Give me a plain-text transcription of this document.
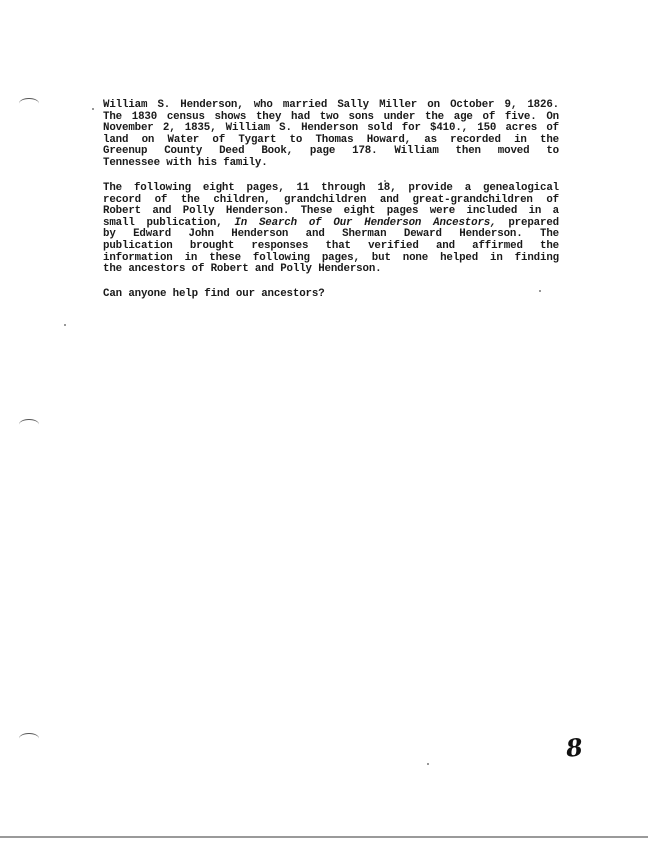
William S. Henderson, who married Sally Miller on October 9, 1826.
The 1830 census shows they had two sons under the age of five. On
November 2, 1835, William S. Henderson sold for $410., 150 acres of
land on Water of Tygart to Thomas Howard, as recorded in the
Greenup County Deed Book, page 178. William then moved to
Tennessee with his family.
The following eight pages, 11 through 18, provide a genealogical
record of the children, grandchildren and great-grandchildren of
Robert and Polly Henderson. These eight pages were included in a
small publication, In Search of Our Henderson Ancestors, prepared
by Edward John Henderson and Sherman Deward Henderson. The
publication brought responses that verified and affirmed the
information in these following pages, but none helped in finding
the ancestors of Robert and Polly Henderson.
Can anyone help find our ancestors?
8
